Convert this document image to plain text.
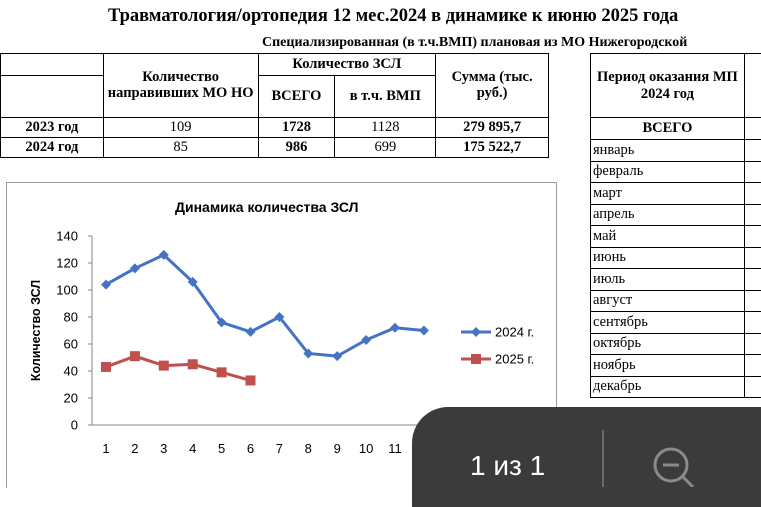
Травматология/ортопедия 12 мес.2024 в динамике к июню 2025 года
Специализированная (в т.ч.ВМП) плановая из МО Нижегородской
	Количество направивших МО НО	Количество ЗСЛ		Сумма (тыс. руб.)
		ВСЕГО	в т.ч. ВМП	
2023 год	109	1728	1128	279 895,7
2024 год	85	986	699	175 522,7
Период оказания МП 2024 год	
ВСЕГО	
январь	
февраль	
март	
апрель	
май	
июнь	
июль	
август	
сентябрь	
октябрь	
ноябрь	
декабрь	
0
20
40
60
80
100
120
140
1 2 3 4 5 6 7 8 9 10 11
Количество ЗСЛ	2024 г.
2025 г.
Динамика количества ЗСЛ
1 из 1
